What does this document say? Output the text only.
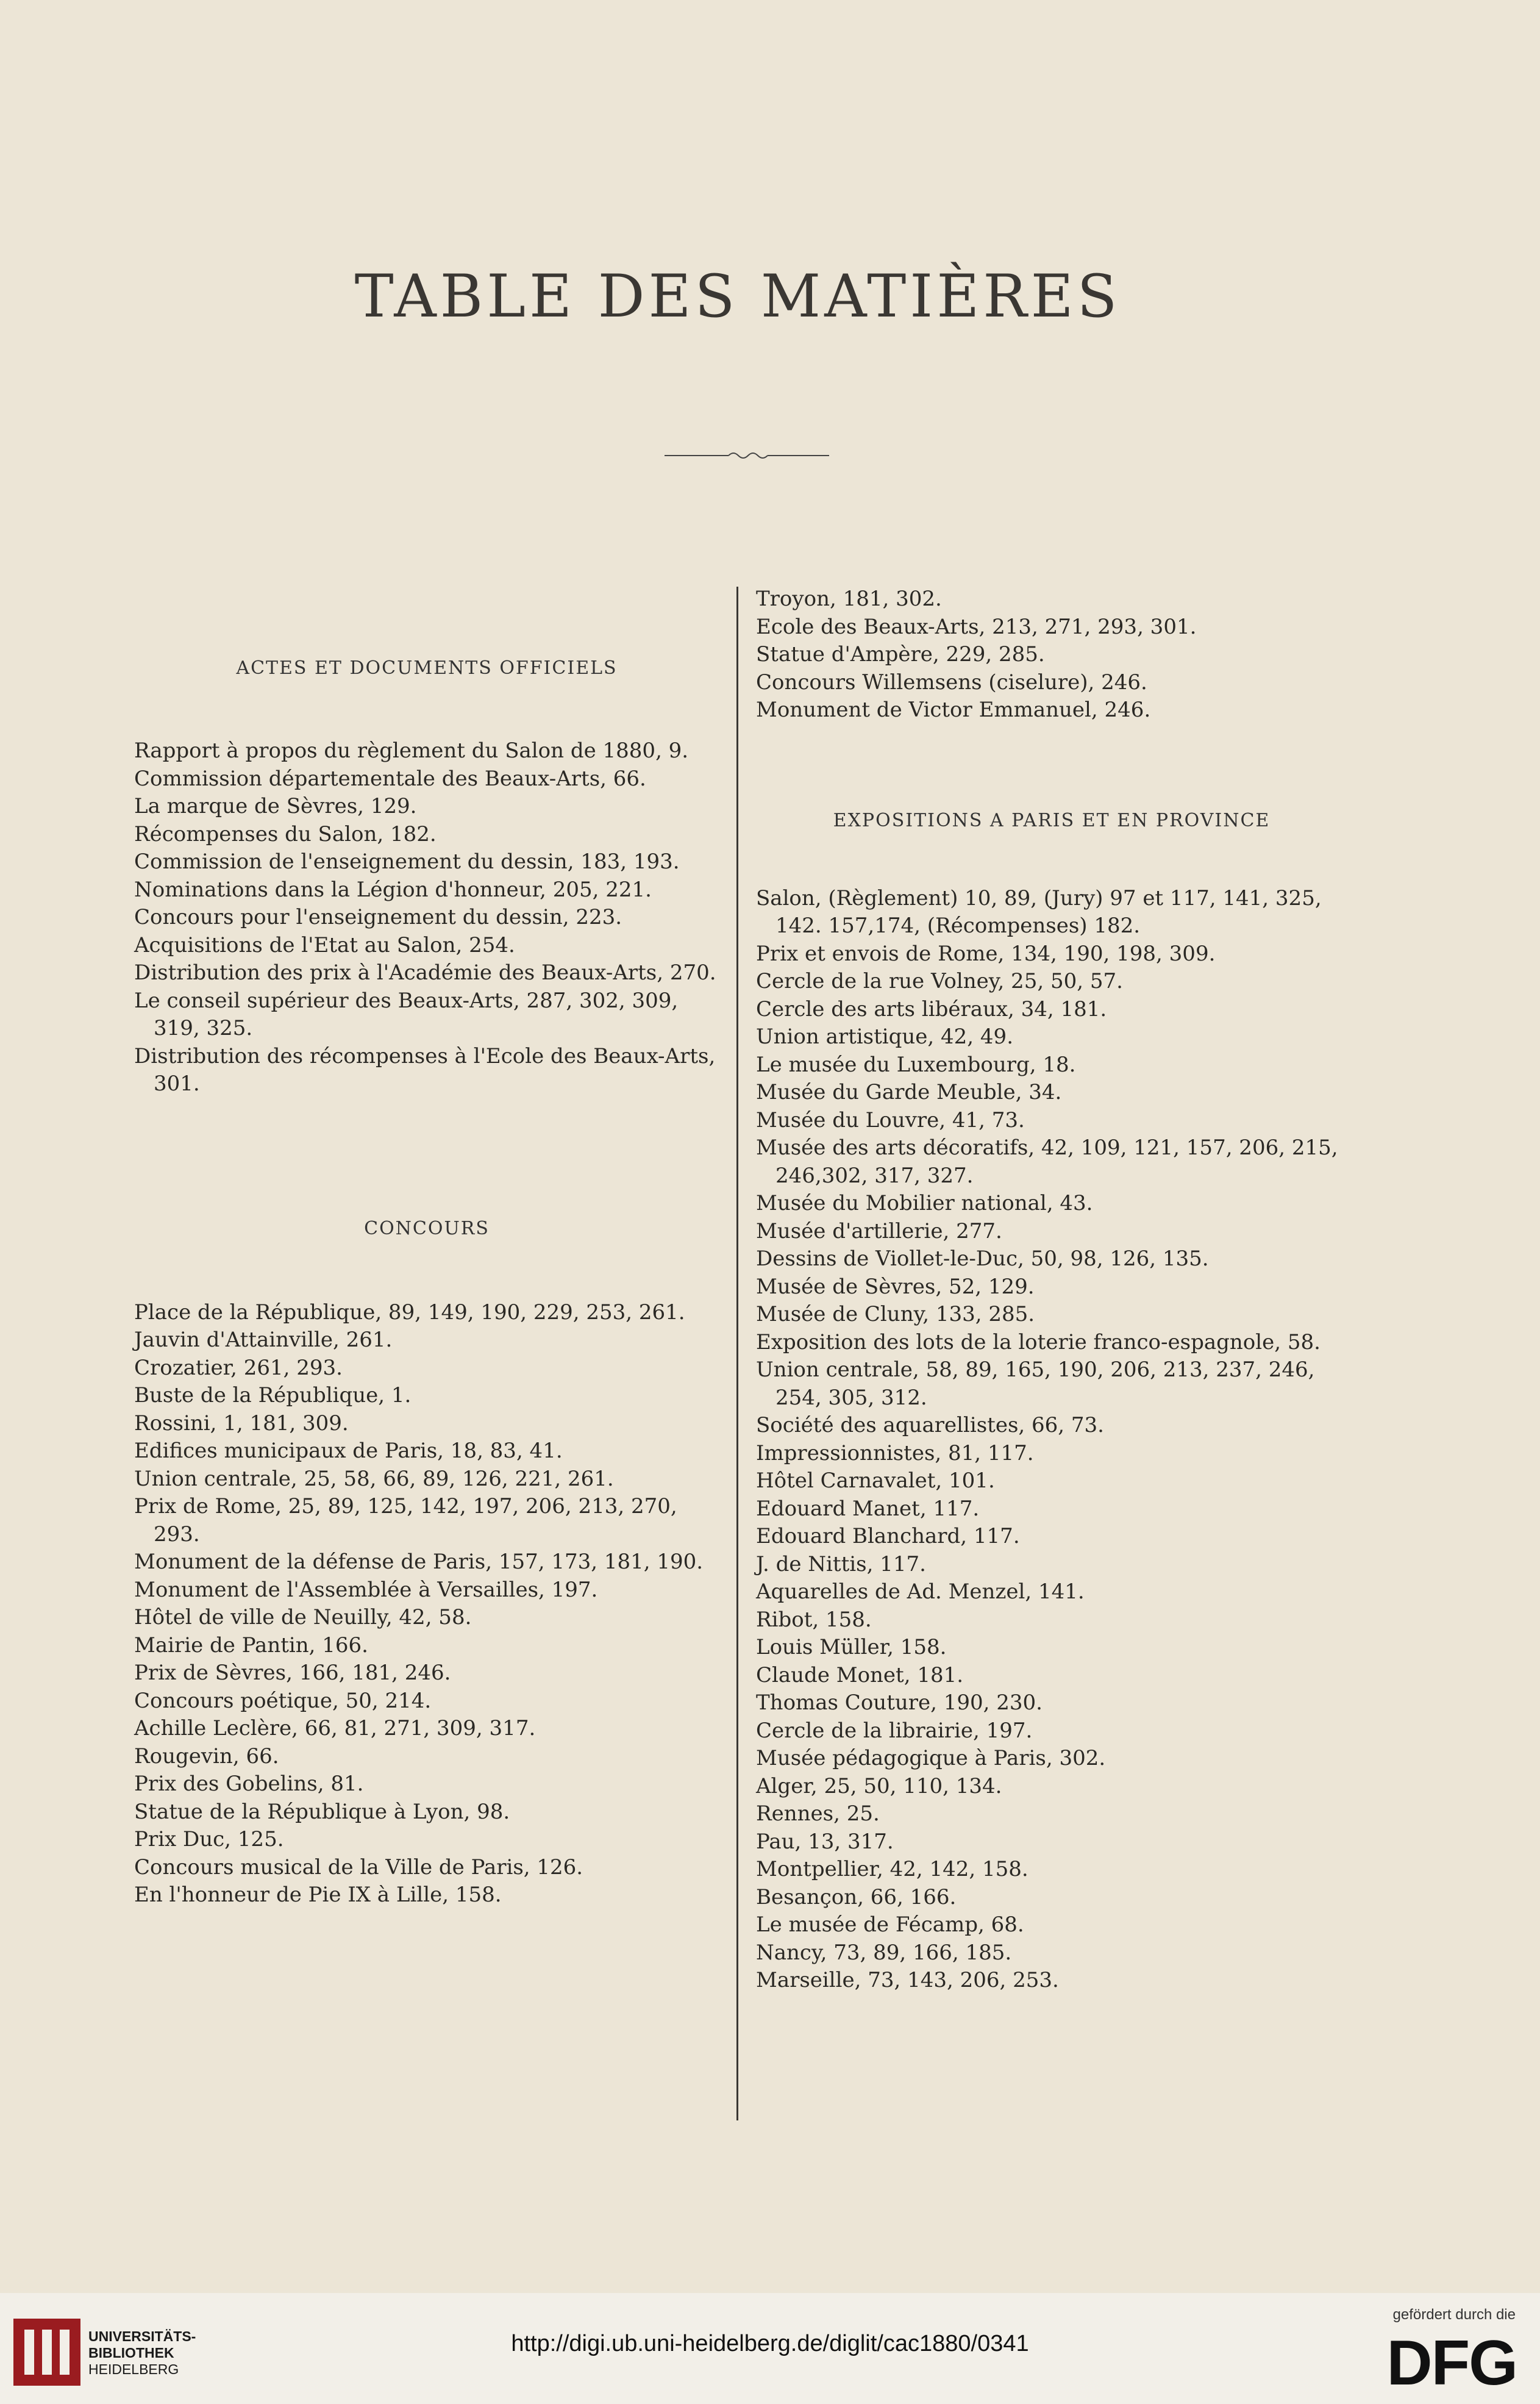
TABLE DES MATIÈRES
ACTES ET DOCUMENTS OFFICIELS
Rapport à propos du règlement du Salon de 1880, 9.
Commission départementale des Beaux-Arts, 66.
La marque de Sèvres, 129.
Récompenses du Salon, 182.
Commission de l'enseignement du dessin, 183, 193.
Nominations dans la Légion d'honneur, 205, 221.
Concours pour l'enseignement du dessin, 223.
Acquisitions de l'Etat au Salon, 254.
Distribution des prix à l'Académie des Beaux-Arts, 270.
Le conseil supérieur des Beaux-Arts, 287, 302, 309, 319, 325.
Distribution des récompenses à l'Ecole des Beaux-Arts, 301.
CONCOURS
Place de la République, 89, 149, 190, 229, 253, 261.
Jauvin d'Attainville, 261.
Crozatier, 261, 293.
Buste de la République, 1.
Rossini, 1, 181, 309.
Edifices municipaux de Paris, 18, 83, 41.
Union centrale, 25, 58, 66, 89, 126, 221, 261.
Prix de Rome, 25, 89, 125, 142, 197, 206, 213, 270, 293.
Monument de la défense de Paris, 157, 173, 181, 190.
Monument de l'Assemblée à Versailles, 197.
Hôtel de ville de Neuilly, 42, 58.
Mairie de Pantin, 166.
Prix de Sèvres, 166, 181, 246.
Concours poétique, 50, 214.
Achille Leclère, 66, 81, 271, 309, 317.
Rougevin, 66.
Prix des Gobelins, 81.
Statue de la République à Lyon, 98.
Prix Duc, 125.
Concours musical de la Ville de Paris, 126.
En l'honneur de Pie IX à Lille, 158.
Troyon, 181, 302.
Ecole des Beaux-Arts, 213, 271, 293, 301.
Statue d'Ampère, 229, 285.
Concours Willemsens (ciselure), 246.
Monument de Victor Emmanuel, 246.
EXPOSITIONS A PARIS ET EN PROVINCE
Salon, (Règlement) 10, 89, (Jury) 97 et 117, 141, 325, 142. 157,174, (Récompenses) 182.
Prix et envois de Rome, 134, 190, 198, 309.
Cercle de la rue Volney, 25, 50, 57.
Cercle des arts libéraux, 34, 181.
Union artistique, 42, 49.
Le musée du Luxembourg, 18.
Musée du Garde Meuble, 34.
Musée du Louvre, 41, 73.
Musée des arts décoratifs, 42, 109, 121, 157, 206, 215, 246,302, 317, 327.
Musée du Mobilier national, 43.
Musée d'artillerie, 277.
Dessins de Viollet-le-Duc, 50, 98, 126, 135.
Musée de Sèvres, 52, 129.
Musée de Cluny, 133, 285.
Exposition des lots de la loterie franco-espagnole, 58.
Union centrale, 58, 89, 165, 190, 206, 213, 237, 246, 254, 305, 312.
Société des aquarellistes, 66, 73.
Impressionnistes, 81, 117.
Hôtel Carnavalet, 101.
Edouard Manet, 117.
Edouard Blanchard, 117.
J. de Nittis, 117.
Aquarelles de Ad. Menzel, 141.
Ribot, 158.
Louis Müller, 158.
Claude Monet, 181.
Thomas Couture, 190, 230.
Cercle de la librairie, 197.
Musée pédagogique à Paris, 302.
Alger, 25, 50, 110, 134.
Rennes, 25.
Pau, 13, 317.
Montpellier, 42, 142, 158.
Besançon, 66, 166.
Le musée de Fécamp, 68.
Nancy, 73, 89, 166, 185.
Marseille, 73, 143, 206, 253.
UNIVERSITÄTS-
BIBLIOTHEK
HEIDELBERG
http://digi.ub.uni-heidelberg.de/diglit/cac1880/0341
gefördert durch die
DFG
